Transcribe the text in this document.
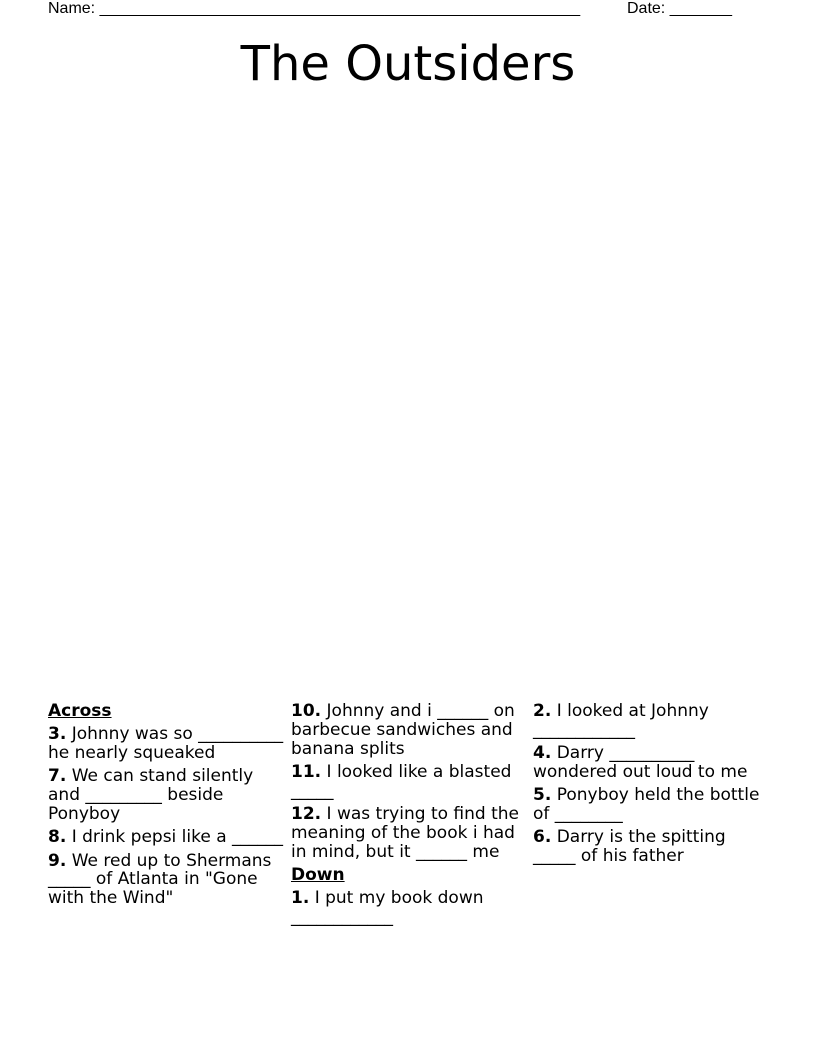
Name: ______________________________________________________	Date: _______
The Outsiders
Across
3. Johnny was so __________ he nearly squeaked
7. We can stand silently and _________ beside Ponyboy
8. I drink pepsi like a ______
9. We red up to Shermans _____ of Atlanta in "Gone with the Wind"
10. Johnny and i ______ on barbecue sandwiches and banana splits
11. I looked like a blasted _____
12. I was trying to find the meaning of the book i had in mind, but it ______ me
Down
1. I put my book down ____________
2. I looked at Johnny ____________
4. Darry __________ wondered out loud to me
5. Ponyboy held the bottle of ________
6. Darry is the spitting _____ of his father
